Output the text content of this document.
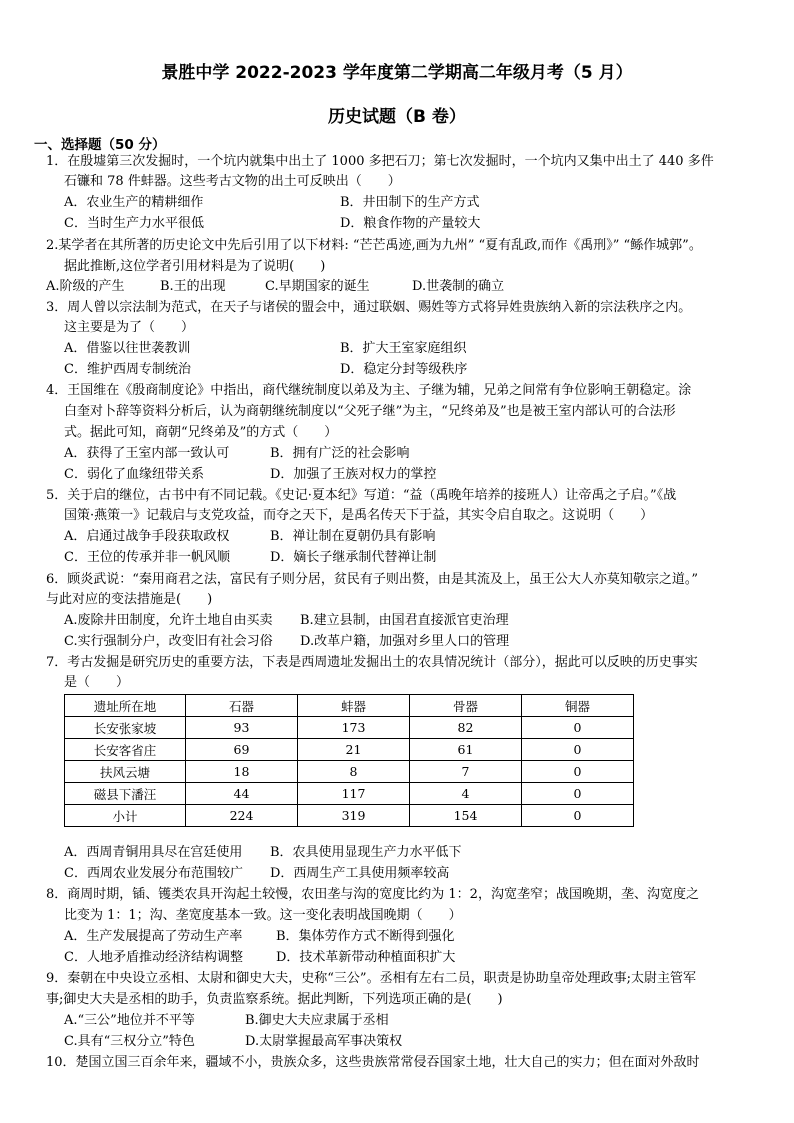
景胜中学 2022-2023 学年度第二学期高二年级月考（5 月）
历史试题（B 卷）
一、选择题（50 分）
1．在殷墟第三次发掘时，一个坑内就集中出土了 1000 多把石刀；第七次发掘时，一个坑内又集中出土了 440 多件
石镰和 78 件蚌器。这些考古文物的出土可反映出（　　）
A．农业生产的精耕细作	B．井田制下的生产方式
C．当时生产力水平很低	D．粮食作物的产量较大
2.某学者在其所著的历史论文中先后引用了以下材料: “芒芒禹迹,画为九州” “夏有乱政,而作《禹刑》” “鲧作城郭”。
据此推断,这位学者引用材料是为了说明(　　)
A.阶级的产生	B.王的出现	C.早期国家的诞生	D.世袭制的确立
3．周人曾以宗法制为范式，在天子与诸侯的盟会中，通过联姻、赐姓等方式将异姓贵族纳入新的宗法秩序之内。
这主要是为了（　　）
A．借鉴以往世袭教训	B．扩大王室家庭组织
C．维护西周专制统治	D．稳定分封等级秩序
4．王国维在《殷商制度论》中指出，商代继统制度以弟及为主、子继为辅，兄弟之间常有争位影响王朝稳定。涂
白奎对卜辞等资料分析后，认为商朝继统制度以“父死子继”为主，“兄终弟及”也是被王室内部认可的合法形
式。据此可知，商朝“兄终弟及”的方式（　　）
A．获得了王室内部一致认可	B．拥有广泛的社会影响
C．弱化了血缘纽带关系	D．加强了王族对权力的掌控
5．关于启的继位，古书中有不同记载。《史记·夏本纪》写道：“益（禹晚年培养的接班人）让帝禹之子启。”《战
国策·燕策一》记载启与支党攻益，而夺之天下，是禹名传天下于益，其实令启自取之。这说明（　　）
A．启通过战争手段获取政权	B．禅让制在夏朝仍具有影响
C．王位的传承并非一帆风顺	D．嫡长子继承制代替禅让制
6．顾炎武说：“秦用商君之法，富民有子则分居，贫民有子则出赘，由是其流及上，虽王公大人亦莫知敬宗之道。”
与此对应的变法措施是(　　)
A.废除井田制度，允许土地自由买卖 B.建立县制，由国君直接派官吏治理
C.实行强制分户，改变旧有社会习俗 D.改革户籍，加强对乡里人口的管理
7．考古发掘是研究历史的重要方法，下表是西周遗址发掘出土的农具情况统计（部分），据此可以反映的历史事实
是（　　）
遗址所在地	石器	蚌器	骨器	铜器
长安张家坡	93	173	82	0
长安客省庄	69	21	61	0
扶风云塘	18	8	7	0
磁县下潘汪	44	117	4	0
小计	224	319	154	0
A．西周青铜用具尽在宫廷使用 B．农具使用显现生产力水平低下
C．西周农业发展分布范围较广 D．西周生产工具使用频率较高
8．商周时期，锸、镬类农具开沟起土较慢，农田垄与沟的宽度比约为 1：2，沟宽垄窄；战国晚期，垄、沟宽度之
比变为 1：1；沟、垄宽度基本一致。这一变化表明战国晚期（　　）
A．生产发展提高了劳动生产率	B．集体劳作方式不断得到强化
C．人地矛盾推动经济结构调整	D．技术革新带动种植面积扩大
9．秦朝在中央设立丞相、太尉和御史大夫，史称“三公”。丞相有左右二员，职责是协助皇帝处理政事;太尉主管军
事;御史大夫是丞相的助手，负责监察系统。据此判断，下列选项正确的是(　　)
A.“三公”地位并不平等	B.御史大夫应隶属于丞相
C.具有“三权分立”特色	D.太尉掌握最高军事决策权
10．楚国立国三百余年来，疆域不小，贵族众多，这些贵族常常侵吞国家土地，壮大自己的实力；但在面对外敌时
